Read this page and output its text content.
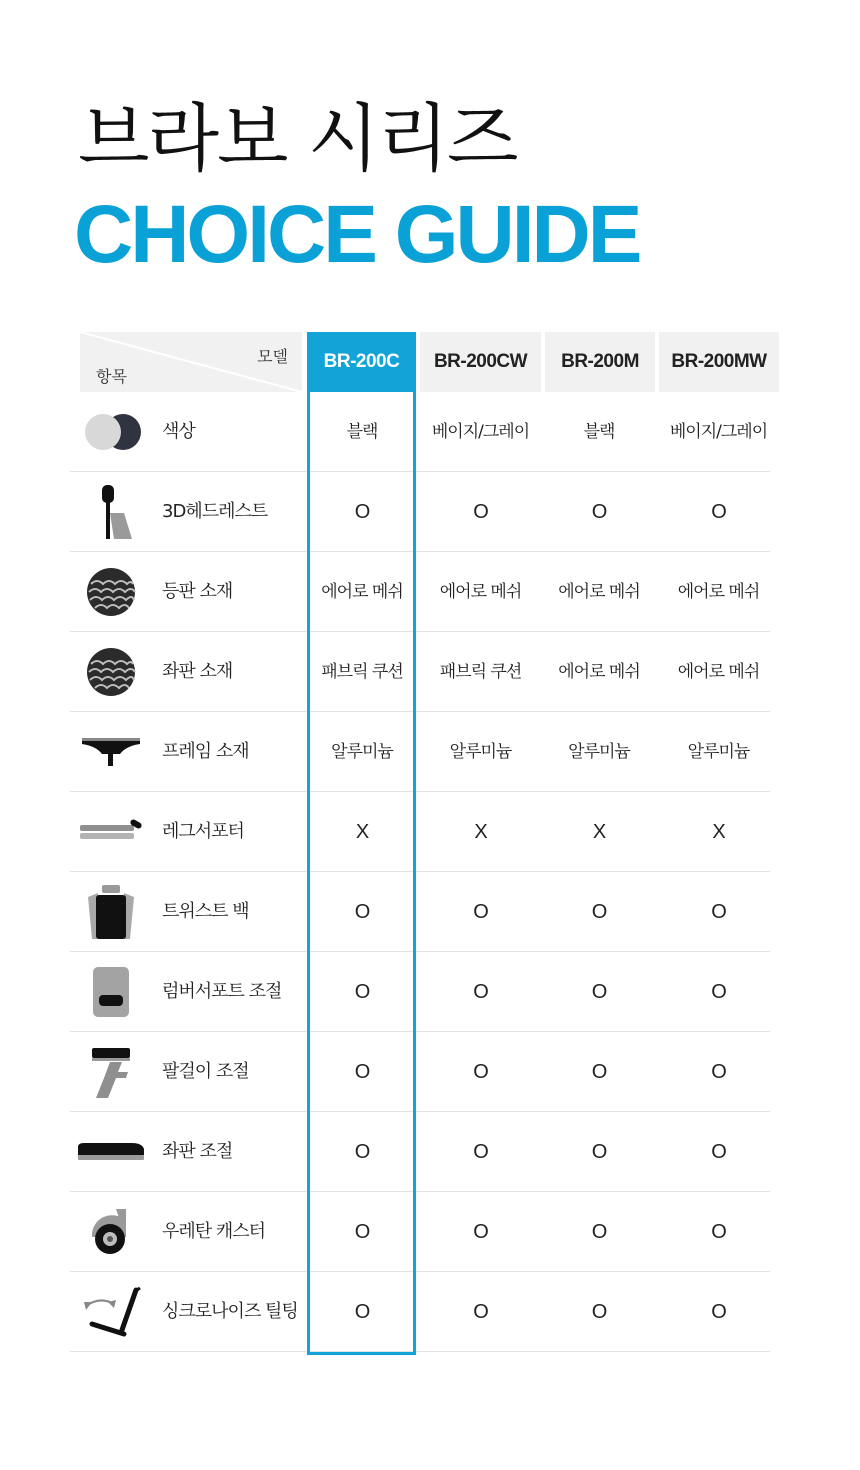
브라보 시리즈
CHOICE GUIDE
모델
항목
BR-200C	BR-200CW	BR-200M	BR-200MW
색상	블랙	베이지/그레이	블랙	베이지/그레이
3D헤드레스트	O	O	O	O
등판 소재	에어로 메쉬	에어로 메쉬	에어로 메쉬	에어로 메쉬
좌판 소재	패브릭 쿠션	패브릭 쿠션	에어로 메쉬	에어로 메쉬
프레임 소재	알루미늄	알루미늄	알루미늄	알루미늄
레그서포터	X	X	X	X
트위스트 백	O	O	O	O
럼버서포트 조절	O	O	O	O
팔걸이 조절	O	O	O	O
좌판 조절	O	O	O	O
우레탄 캐스터	O	O	O	O
싱크로나이즈 틸팅	O	O	O	O
